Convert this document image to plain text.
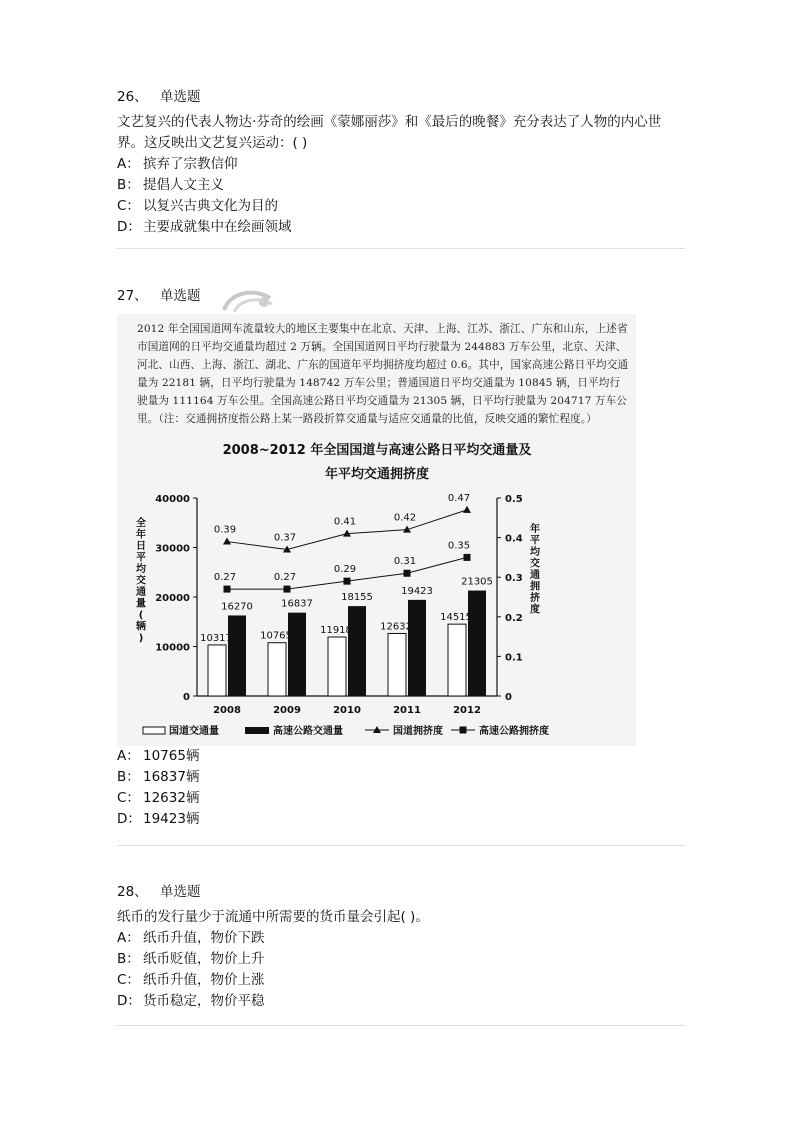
26、 单选题
文艺复兴的代表人物达·芬奇的绘画《蒙娜丽莎》和《最后的晚餐》充分表达了人物的内心世界。这反映出文艺复兴运动：( )
A： 摈弃了宗教信仰
B： 提倡人文主义
C： 以复兴古典文化为目的
D： 主要成就集中在绘画领域
27、 单选题
2012 年全国国道网车流量较大的地区主要集中在北京、天津、上海、江苏、浙江、广东和山东，上述省市国道网的日平均交通量均超过 2 万辆。全国国道网日平均行驶量为 244883 万车公里，北京、天津、河北、山西、上海、浙江、湖北、广东的国道年平均拥挤度均超过 0.6。其中，国家高速公路日平均交通量为 22181 辆，日平均行驶量为 148742 万车公里；普通国道日平均交通量为 10845 辆，日平均行驶量为 111164 万车公里。全国高速公路日平均交通量为 21305 辆，日平均行驶量为 204717 万车公里。（注：交通拥挤度指公路上某一路段折算交通量与适应交通量的比值，反映交通的繁忙程度。）
2008~2012 年全国国道与高速公路日平均交通量及
年平均交通拥挤度
全年日平均交通量(辆)
年平均交通拥挤度
0
10000
20000
30000
40000
0
0.1
0.2
0.3
0.4
0.5
10317
16270
2008
10765
16837
2009
11918
18155
2010
12632
19423
2011
14515
21305
2012
0.39
0.37
0.41	0.42
0.47
0.27	0.27
0.29
0.31
0.35
国道交通量	高速公路交通量	国道拥挤度	高速公路拥挤度
A： 10765辆
B： 16837辆
C： 12632辆
D： 19423辆
28、 单选题
纸币的发行量少于流通中所需要的货币量会引起( )。
A： 纸币升值，物价下跌
B： 纸币贬值，物价上升
C： 纸币升值，物价上涨
D： 货币稳定，物价平稳
